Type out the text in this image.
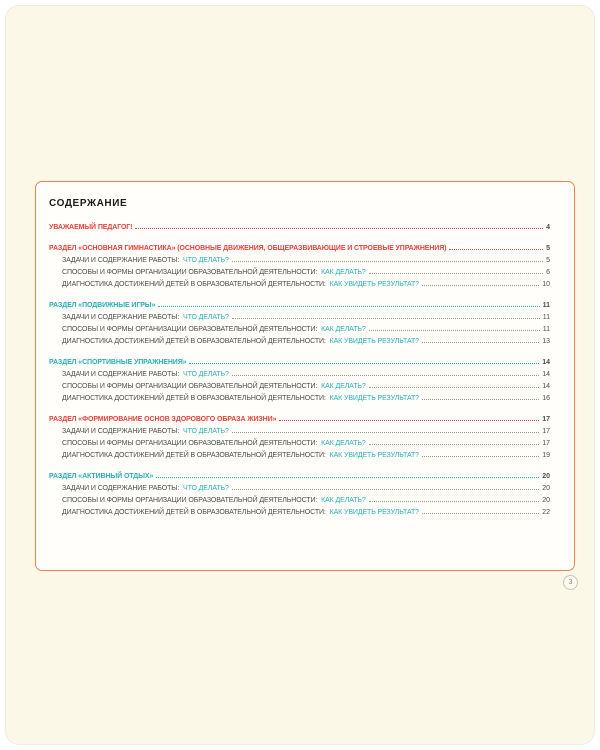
СОДЕРЖАНИЕ
УВАЖАЕМЫЙ ПЕДАГОГ!	4
РАЗДЕЛ «ОСНОВНАЯ ГИМНАСТИКА» (ОСНОВНЫЕ ДВИЖЕНИЯ, ОБЩЕРАЗВИВАЮЩИЕ И СТРОЕВЫЕ УПРАЖНЕНИЯ)	5
ЗАДАЧИ И СОДЕРЖАНИЕ РАБОТЫ: ЧТО ДЕЛАТЬ?	5
СПОСОБЫ И ФОРМЫ ОРГАНИЗАЦИИ ОБРАЗОВАТЕЛЬНОЙ ДЕЯТЕЛЬНОСТИ: КАК ДЕЛАТЬ?	6
ДИАГНОСТИКА ДОСТИЖЕНИЙ ДЕТЕЙ В ОБРАЗОВАТЕЛЬНОЙ ДЕЯТЕЛЬНОСТИ: КАК УВИДЕТЬ РЕЗУЛЬТАТ?	10
РАЗДЕЛ «ПОДВИЖНЫЕ ИГРЫ»	11
ЗАДАЧИ И СОДЕРЖАНИЕ РАБОТЫ: ЧТО ДЕЛАТЬ?	11
СПОСОБЫ И ФОРМЫ ОРГАНИЗАЦИИ ОБРАЗОВАТЕЛЬНОЙ ДЕЯТЕЛЬНОСТИ: КАК ДЕЛАТЬ?	11
ДИАГНОСТИКА ДОСТИЖЕНИЙ ДЕТЕЙ В ОБРАЗОВАТЕЛЬНОЙ ДЕЯТЕЛЬНОСТИ: КАК УВИДЕТЬ РЕЗУЛЬТАТ?	13
РАЗДЕЛ «СПОРТИВНЫЕ УПРАЖНЕНИЯ»	14
ЗАДАЧИ И СОДЕРЖАНИЕ РАБОТЫ: ЧТО ДЕЛАТЬ?	14
СПОСОБЫ И ФОРМЫ ОРГАНИЗАЦИИ ОБРАЗОВАТЕЛЬНОЙ ДЕЯТЕЛЬНОСТИ: КАК ДЕЛАТЬ?	14
ДИАГНОСТИКА ДОСТИЖЕНИЙ ДЕТЕЙ В ОБРАЗОВАТЕЛЬНОЙ ДЕЯТЕЛЬНОСТИ: КАК УВИДЕТЬ РЕЗУЛЬТАТ?	16
РАЗДЕЛ «ФОРМИРОВАНИЕ ОСНОВ ЗДОРОВОГО ОБРАЗА ЖИЗНИ»	17
ЗАДАЧИ И СОДЕРЖАНИЕ РАБОТЫ: ЧТО ДЕЛАТЬ?	17
СПОСОБЫ И ФОРМЫ ОРГАНИЗАЦИИ ОБРАЗОВАТЕЛЬНОЙ ДЕЯТЕЛЬНОСТИ: КАК ДЕЛАТЬ?	17
ДИАГНОСТИКА ДОСТИЖЕНИЙ ДЕТЕЙ В ОБРАЗОВАТЕЛЬНОЙ ДЕЯТЕЛЬНОСТИ: КАК УВИДЕТЬ РЕЗУЛЬТАТ?	19
РАЗДЕЛ «АКТИВНЫЙ ОТДЫХ»	20
ЗАДАЧИ И СОДЕРЖАНИЕ РАБОТЫ: ЧТО ДЕЛАТЬ?	20
СПОСОБЫ И ФОРМЫ ОРГАНИЗАЦИИ ОБРАЗОВАТЕЛЬНОЙ ДЕЯТЕЛЬНОСТИ: КАК ДЕЛАТЬ?	20
ДИАГНОСТИКА ДОСТИЖЕНИЙ ДЕТЕЙ В ОБРАЗОВАТЕЛЬНОЙ ДЕЯТЕЛЬНОСТИ: КАК УВИДЕТЬ РЕЗУЛЬТАТ?	22
3
